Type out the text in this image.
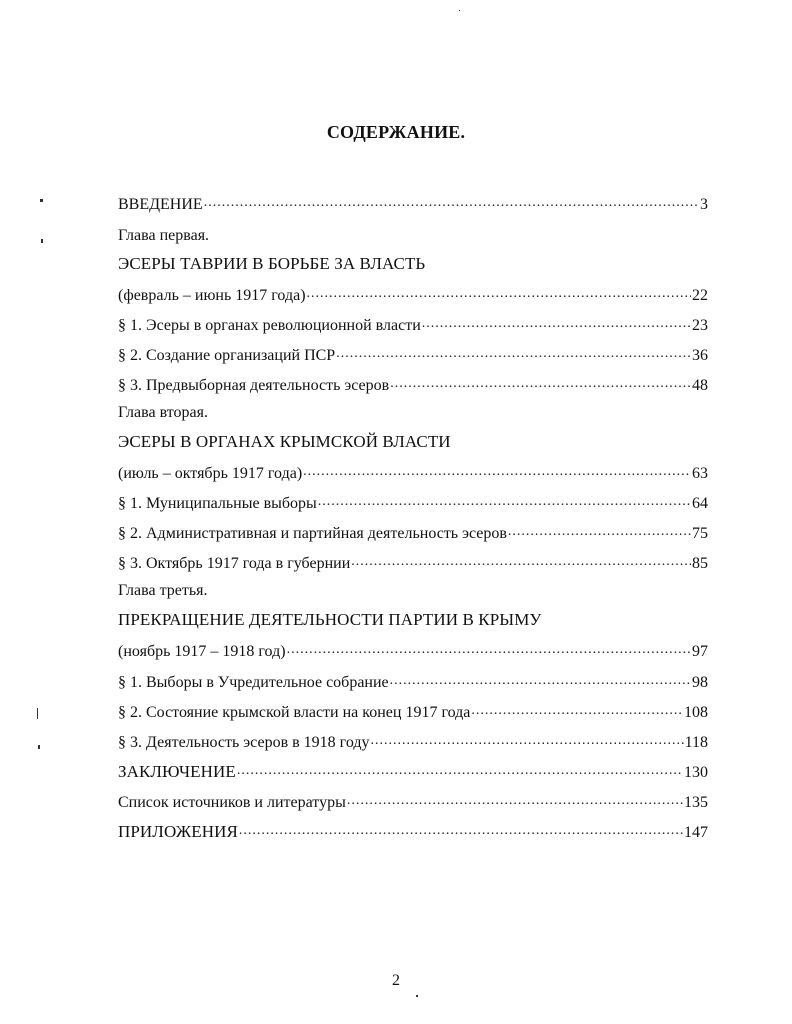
СОДЕРЖАНИЕ.
ВВЕДЕНИЕ .....	3
Глава первая.
ЭСЕРЫ ТАВРИИ В БОРЬБЕ ЗА ВЛАСТЬ
(февраль – июнь 1917 года) .....	22
§ 1. Эсеры в органах революционной власти .....	23
§ 2. Создание организаций ПСР .....	36
§ 3. Предвыборная деятельность эсеров .....	48
Глава вторая.
ЭСЕРЫ В ОРГАНАХ КРЫМСКОЙ ВЛАСТИ
(июль – октябрь 1917 года) .....	63
§ 1. Муниципальные выборы .....	64
§ 2. Административная и партийная деятельность эсеров .....	75
§ 3. Октябрь 1917 года в губернии .....	85
Глава третья.
ПРЕКРАЩЕНИЕ ДЕЯТЕЛЬНОСТИ ПАРТИИ В КРЫМУ
(ноябрь 1917 – 1918 год) .....	97
§ 1. Выборы в Учредительное собрание .....	98
§ 2. Состояние крымской власти на конец 1917 года .....	108
§ 3. Деятельность эсеров в 1918 году .....	118
ЗАКЛЮЧЕНИЕ .....	130
Список источников и литературы .....	135
ПРИЛОЖЕНИЯ .....	147
2
